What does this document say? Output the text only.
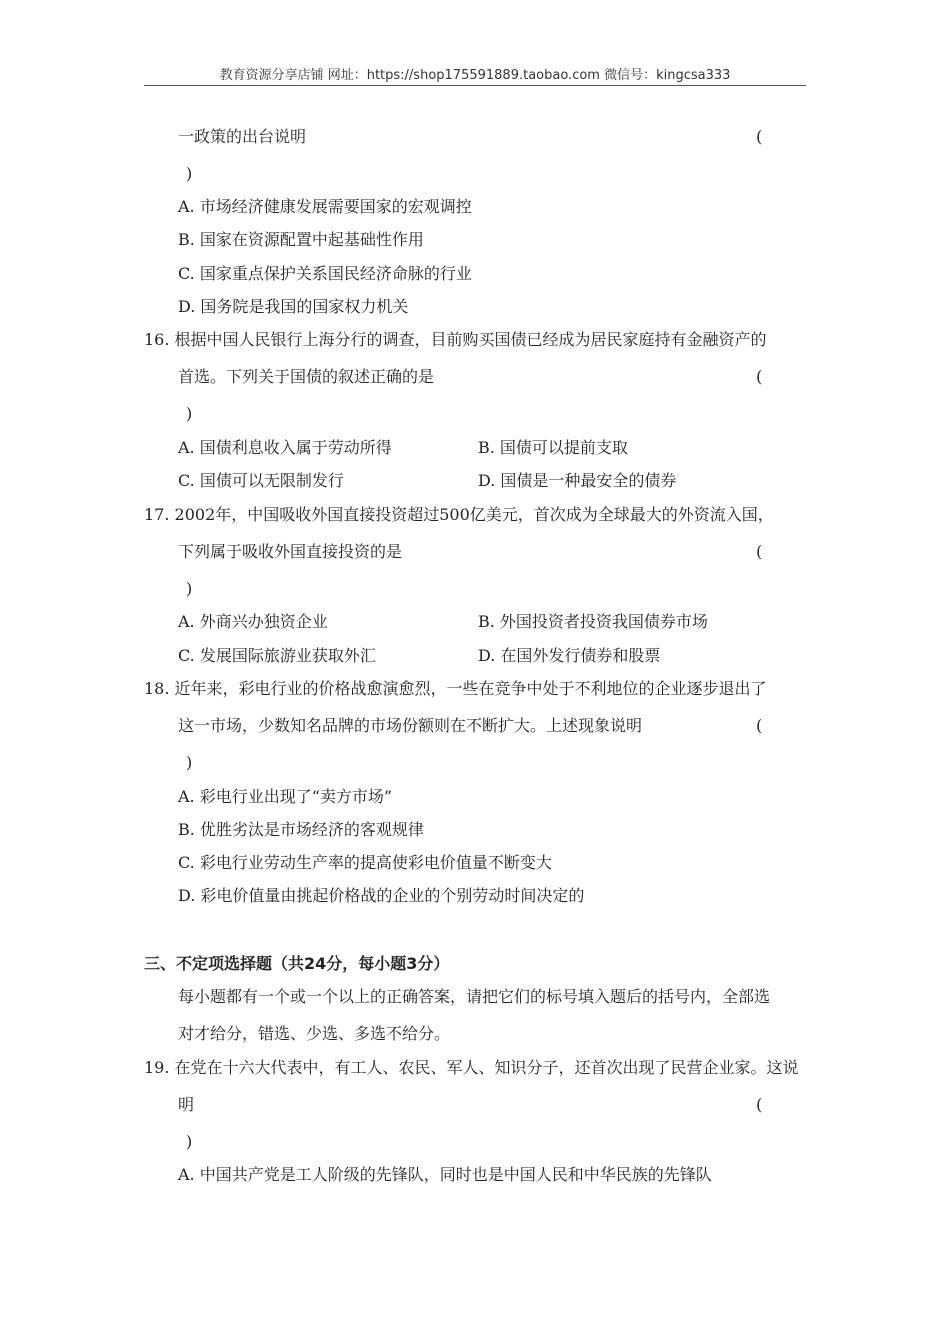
教育资源分享店铺 网址：https://shop175591889.taobao.com 微信号：kingcsa333
一政策的出台说明	(
)
A. 市场经济健康发展需要国家的宏观调控
B. 国家在资源配置中起基础性作用
C. 国家重点保护关系国民经济命脉的行业
D. 国务院是我国的国家权力机关
16. 根据中国人民银行上海分行的调查，目前购买国债已经成为居民家庭持有金融资产的
首选。下列关于国债的叙述正确的是	(
)
A. 国债利息收入属于劳动所得	B. 国债可以提前支取
C. 国债可以无限制发行	D. 国债是一种最安全的债券
17. 2002年，中国吸收外国直接投资超过500亿美元，首次成为全球最大的外资流入国，
下列属于吸收外国直接投资的是	(
)
A. 外商兴办独资企业	B. 外国投资者投资我国债券市场
C. 发展国际旅游业获取外汇	D. 在国外发行债券和股票
18. 近年来，彩电行业的价格战愈演愈烈，一些在竞争中处于不利地位的企业逐步退出了
这一市场，少数知名品牌的市场份额则在不断扩大。上述现象说明	(
)
A. 彩电行业出现了“卖方市场”
B. 优胜劣汰是市场经济的客观规律
C. 彩电行业劳动生产率的提高使彩电价值量不断变大
D. 彩电价值量由挑起价格战的企业的个别劳动时间决定的
三、不定项选择题（共24分，每小题3分）
每小题都有一个或一个以上的正确答案，请把它们的标号填入题后的括号内，全部选
对才给分，错选、少选、多选不给分。
19. 在党在十六大代表中，有工人、农民、军人、知识分子，还首次出现了民营企业家。这说
明	(
)
A. 中国共产党是工人阶级的先锋队，同时也是中国人民和中华民族的先锋队
